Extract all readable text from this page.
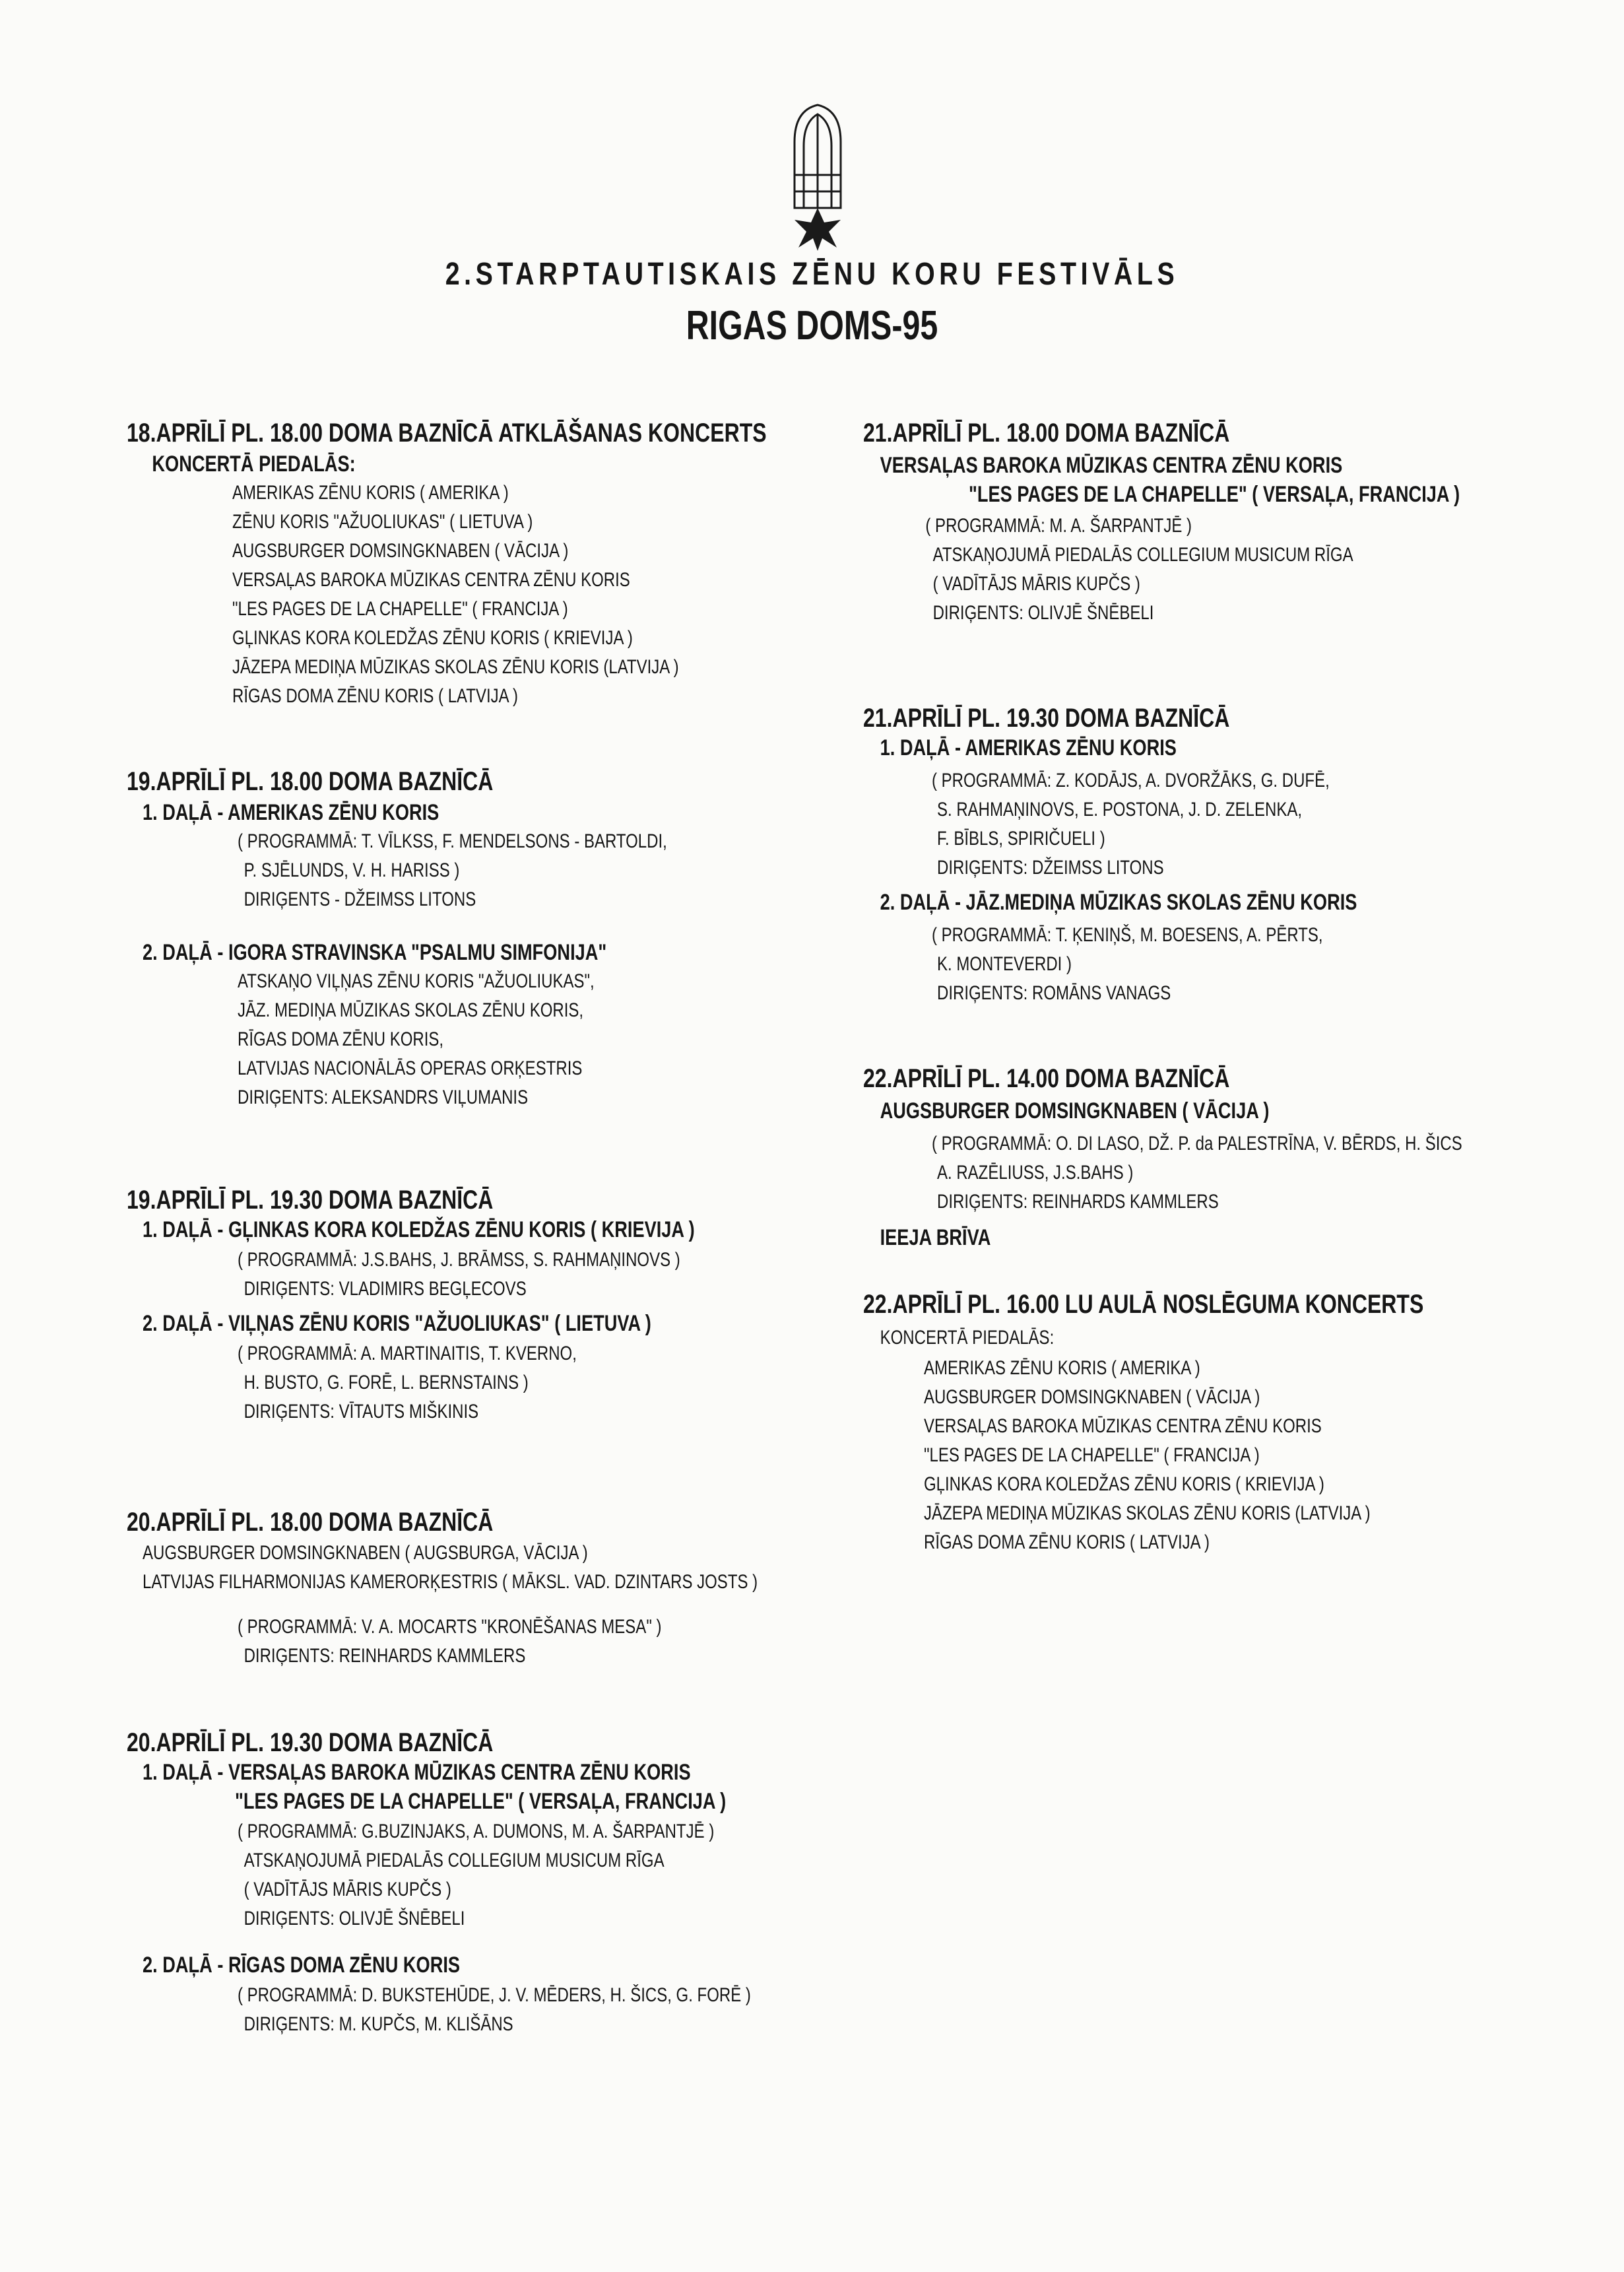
2.STARPTAUTISKAIS ZĒNU KORU FESTIVĀLS
RIGAS DOMS-95
18.APRĪLĪ PL. 18.00 DOMA BAZNĪCĀ ATKLĀŠANAS KONCERTS
KONCERTĀ PIEDALĀS:
AMERIKAS ZĒNU KORIS ( AMERIKA )
ZĒNU KORIS "AŽUOLIUKAS" ( LIETUVA )
AUGSBURGER DOMSINGKNABEN ( VĀCIJA )
VERSAĻAS BAROKA MŪZIKAS CENTRA ZĒNU KORIS
"LES PAGES DE LA CHAPELLE" ( FRANCIJA )
GĻINKAS KORA KOLEDŽAS ZĒNU KORIS ( KRIEVIJA )
JĀZEPA MEDIŅA MŪZIKAS SKOLAS ZĒNU KORIS (LATVIJA )
RĪGAS DOMA ZĒNU KORIS ( LATVIJA )
19.APRĪLĪ PL. 18.00 DOMA BAZNĪCĀ
1. DAĻĀ - AMERIKAS ZĒNU KORIS
( PROGRAMMĀ: T. VĪLKSS, F. MENDELSONS - BARTOLDI,
P. SJĒLUNDS, V. H. HARISS )
DIRIĢENTS - DŽEIMSS LITONS
2. DAĻĀ - IGORA STRAVINSKA "PSALMU SIMFONIJA"
ATSKAŅO VIĻŅAS ZĒNU KORIS "AŽUOLIUKAS",
JĀZ. MEDIŅA MŪZIKAS SKOLAS ZĒNU KORIS,
RĪGAS DOMA ZĒNU KORIS,
LATVIJAS NACIONĀLĀS OPERAS ORĶESTRIS
DIRIĢENTS: ALEKSANDRS VIĻUMANIS
19.APRĪLĪ PL. 19.30 DOMA BAZNĪCĀ
1. DAĻĀ - GĻINKAS KORA KOLEDŽAS ZĒNU KORIS ( KRIEVIJA )
( PROGRAMMĀ: J.S.BAHS, J. BRĀMSS, S. RAHMAŅINOVS )
DIRIĢENTS: VLADIMIRS BEGĻECOVS
2. DAĻĀ - VIĻŅAS ZĒNU KORIS "AŽUOLIUKAS" ( LIETUVA )
( PROGRAMMĀ: A. MARTINAITIS, T. KVERNO,
H. BUSTO, G. FORĒ, L. BERNSTAINS )
DIRIĢENTS: VĪTAUTS MIŠKINIS
20.APRĪLĪ PL. 18.00 DOMA BAZNĪCĀ
AUGSBURGER DOMSINGKNABEN ( AUGSBURGA, VĀCIJA )
LATVIJAS FILHARMONIJAS KAMERORĶESTRIS ( MĀKSL. VAD. DZINTARS JOSTS )
( PROGRAMMĀ: V. A. MOCARTS "KRONĒŠANAS MESA" )
DIRIĢENTS: REINHARDS KAMMLERS
20.APRĪLĪ PL. 19.30 DOMA BAZNĪCĀ
1. DAĻĀ - VERSAĻAS BAROKA MŪZIKAS CENTRA ZĒNU KORIS
"LES PAGES DE LA CHAPELLE" ( VERSAĻA, FRANCIJA )
( PROGRAMMĀ: G.BUZINJAKS, A. DUMONS, M. A. ŠARPANTJĒ )
ATSKAŅOJUMĀ PIEDALĀS COLLEGIUM MUSICUM RĪGA
( VADĪTĀJS MĀRIS KUPČS )
DIRIĢENTS: OLIVJĒ ŠNĒBELI
2. DAĻĀ - RĪGAS DOMA ZĒNU KORIS
( PROGRAMMĀ: D. BUKSTEHŪDE, J. V. MĒDERS, H. ŠICS, G. FORĒ )
DIRIĢENTS: M. KUPČS, M. KLIŠĀNS
21.APRĪLĪ PL. 18.00 DOMA BAZNĪCĀ
VERSAĻAS BAROKA MŪZIKAS CENTRA ZĒNU KORIS
"LES PAGES DE LA CHAPELLE" ( VERSAĻA, FRANCIJA )
( PROGRAMMĀ: M. A. ŠARPANTJĒ )
ATSKAŅOJUMĀ PIEDALĀS COLLEGIUM MUSICUM RĪGA
( VADĪTĀJS MĀRIS KUPČS )
DIRIĢENTS: OLIVJĒ ŠNĒBELI
21.APRĪLĪ PL. 19.30 DOMA BAZNĪCĀ
1. DAĻĀ - AMERIKAS ZĒNU KORIS
( PROGRAMMĀ: Z. KODĀJS, A. DVORŽĀKS, G. DUFĒ,
S. RAHMAŅINOVS, E. POSTONA, J. D. ZELENKA,
F. BĪBLS, SPIRIČUELI )
DIRIĢENTS: DŽEIMSS LITONS
2. DAĻĀ - JĀZ.MEDIŅA MŪZIKAS SKOLAS ZĒNU KORIS
( PROGRAMMĀ: T. ĶENIŅŠ, M. BOESENS, A. PĒRTS,
K. MONTEVERDI )
DIRIĢENTS: ROMĀNS VANAGS
22.APRĪLĪ PL. 14.00 DOMA BAZNĪCĀ
AUGSBURGER DOMSINGKNABEN ( VĀCIJA )
( PROGRAMMĀ: O. DI LASO, DŽ. P. da PALESTRĪNA, V. BĒRDS, H. ŠICS
A. RAZĒLIUSS, J.S.BAHS )
DIRIĢENTS: REINHARDS KAMMLERS
IEEJA BRĪVA
22.APRĪLĪ PL. 16.00 LU AULĀ NOSLĒGUMA KONCERTS
KONCERTĀ PIEDALĀS:
AMERIKAS ZĒNU KORIS ( AMERIKA )
AUGSBURGER DOMSINGKNABEN ( VĀCIJA )
VERSAĻAS BAROKA MŪZIKAS CENTRA ZĒNU KORIS
"LES PAGES DE LA CHAPELLE" ( FRANCIJA )
GĻINKAS KORA KOLEDŽAS ZĒNU KORIS ( KRIEVIJA )
JĀZEPA MEDIŅA MŪZIKAS SKOLAS ZĒNU KORIS (LATVIJA )
RĪGAS DOMA ZĒNU KORIS ( LATVIJA )
